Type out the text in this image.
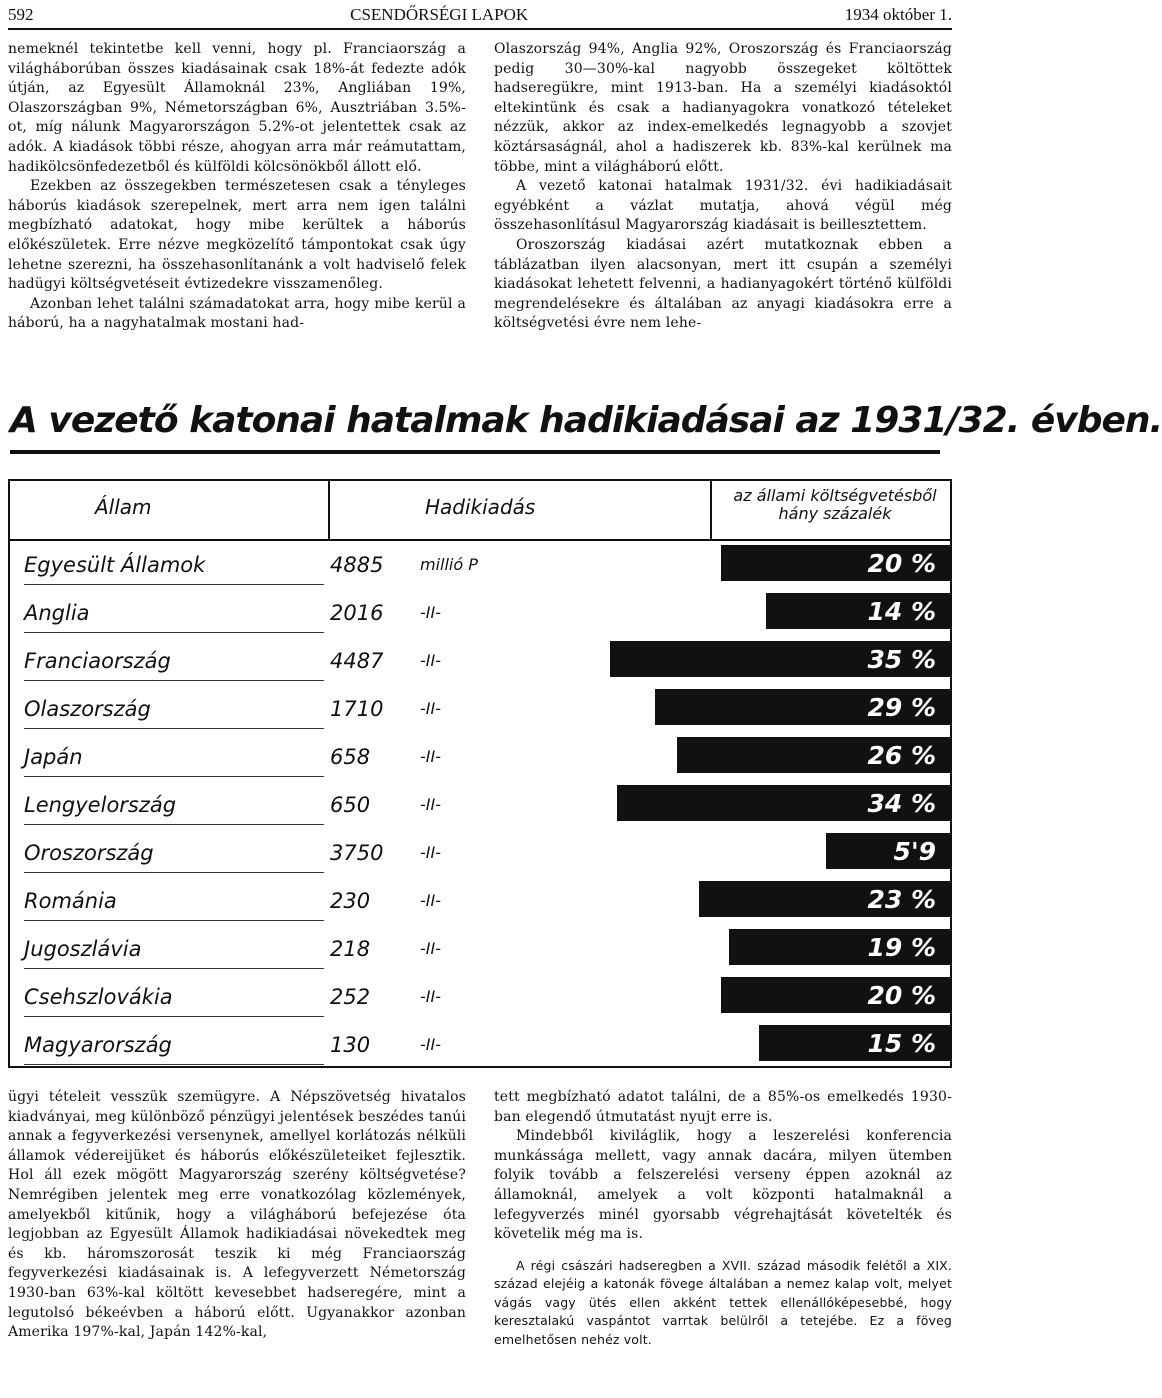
592	CSENDŐRSÉGI LAPOK	1934 október 1.

nemeknél tekintetbe kell venni, hogy pl. Franciaország a világháborúban összes kiadásainak csak 18%-át fedezte adók útján, az Egyesült Államoknál 23%, Angliában 19%, Olaszországban 9%, Németországban 6%, Ausztriában 3.5%-ot, míg nálunk Magyarországon 5.2%-ot jelentettek csak az adók. A kiadások többi része, ahogyan arra már reámutattam, hadikölcsönfedezetből és külföldi kölcsönökből állott elő.

Ezekben az összegekben természetesen csak a tényleges háborús kiadások szerepelnek, mert arra nem igen találni megbízható adatokat, hogy mibe kerültek a háborús előkészületek. Erre nézve megközelítő támpontokat csak úgy lehetne szerezni, ha összehasonlítanánk a volt hadviselő felek hadügyi költségvetéseit évtizedekre visszamenőleg.

Azonban lehet találni számadatokat arra, hogy mibe kerül a háború, ha a nagyhatalmak mostani had-

Olaszország 94%, Anglia 92%, Oroszország és Franciaország pedig 30—30%-kal nagyobb összegeket költöttek hadseregükre, mint 1913-ban. Ha a személyi kiadásoktól eltekintünk és csak a hadianyagokra vonatkozó tételeket nézzük, akkor az index-emelkedés legnagyobb a szovjet köztársaságnál, ahol a hadiszerek kb. 83%-kal kerülnek ma többe, mint a világháború előtt.

A vezető katonai hatalmak 1931/32. évi hadikiadásait egyébként a vázlat mutatja, ahová végül még összehasonlításul Magyarország kiadásait is beillesztettem.

Oroszország kiadásai azért mutatkoznak ebben a táblázatban ilyen alacsonyan, mert itt csupán a személyi kiadásokat lehetett felvenni, a hadianyagokért történő külföldi megrendelésekre és általában az anyagi kiadásokra erre a költségvetési évre nem lehe-

A vezető katonai hatalmak hadikiadásai az 1931/32. évben.
Állam	Hadikiadás	az állami költségvetésből hány százalék
Egyesült Államok	4885	millió P	20 %
Anglia	2016	-II-	14 %
Franciaország	4487	-II-	35 %
Olaszország	1710	-II-	29 %
Japán	658	-II-	26 %
Lengyelország	650	-II-	34 %
Oroszország	3750	-II-	5'9
Románia	230	-II-	23 %
Jugoszlávia	218	-II-	19 %
Csehszlovákia	252	-II-	20 %
Magyarország	130	-II-	15 %

ügyi tételeit vesszük szemügyre. A Népszövetség hivatalos kiadványai, meg különböző pénzügyi jelentések beszédes tanúi annak a fegyverkezési versenynek, amellyel korlátozás nélküli államok védereijüket és háborús előkészületeiket fejlesztik. Hol áll ezek mögött Magyarország szerény költségvetése? Nemrégiben jelentek meg erre vonatkozólag közlemények, amelyekből kitűnik, hogy a világháború befejezése óta legjobban az Egyesült Államok hadikiadásai növekedtek meg és kb. háromszorosát teszik ki még Franciaország fegyverkezési kiadásainak is. A lefegyverzett Németország 1930-ban 63%-kal költött kevesebbet hadseregére, mint a legutolsó békeévben a háború előtt. Ugyanakkor azonban Amerika 197%-kal, Japán 142%-kal,

tett megbízható adatot találni, de a 85%-os emelkedés 1930-ban elegendő útmutatást nyujt erre is.

Mindebből kiviláglik, hogy a leszerelési konferencia munkássága mellett, vagy annak dacára, milyen ütemben folyik tovább a felszerelési verseny éppen azoknál az államoknál, amelyek a volt központi hatalmaknál a lefegyverzés minél gyorsabb végrehajtását követelték és követelik még ma is.

A régi császári hadseregben a XVII. század második felétől a XIX. század elejéig a katonák fövege általában a nemez kalap volt, melyet vágás vagy ütés ellen akként tettek ellenállóképesebbé, hogy keresztalakú vaspántot varrtak belülről a tetejébe. Ez a föveg emelhetősen nehéz volt.
